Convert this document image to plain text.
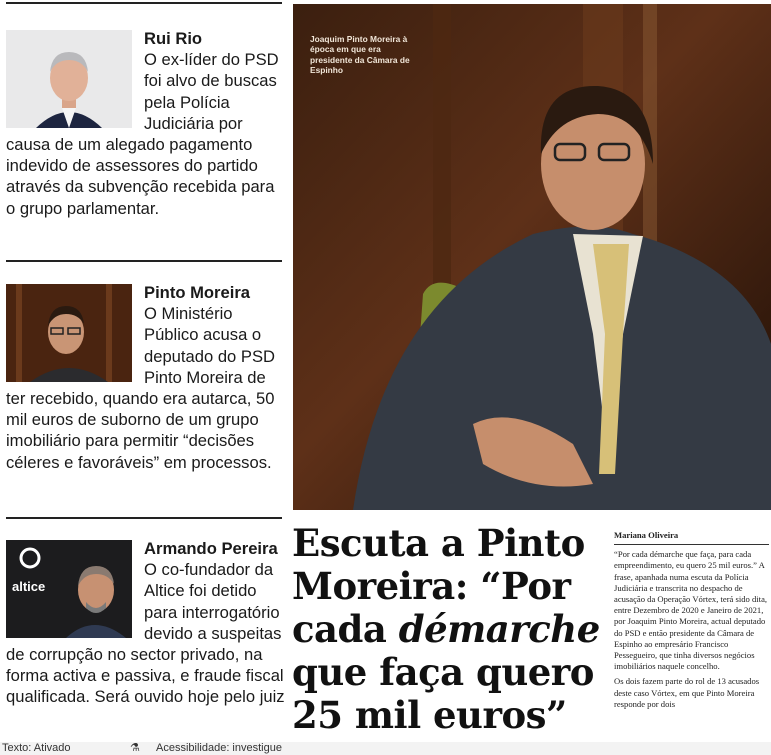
Rui Rio
O ex-líder do PSD foi alvo de buscas pela Polícia Judiciária por causa de um alegado pagamento indevido de assessores do partido através da subvenção recebida para o grupo parlamentar.
Pinto Moreira
O Ministério Público acusa o deputado do PSD Pinto Moreira de ter recebido, quando era autarca, 50 mil euros de suborno de um grupo imobiliário para permitir “decisões céleres e favoráveis” em processos.
altice
Armando Pereira
O co-fundador da Altice foi detido para interrogatório devido a suspeitas de corrupção no sector privado, na forma activa e passiva, e fraude fiscal qualificada. Será ouvido hoje pelo juiz
Joaquim Pinto Moreira à época em que era presidente da Câmara de Espinho
Escuta a Pinto Moreira: “Por cada démarche que faça quero 25 mil euros”
Mariana Oliveira

“Por cada démarche que faça, para cada empreendimento, eu quero 25 mil euros.” A frase, apanhada numa escuta da Polícia Judiciária e transcrita no despacho de acusação da Operação Vórtex, terá sido dita, entre Dezembro de 2020 e Janeiro de 2021, por Joaquim Pinto Moreira, actual deputado do PSD e então presidente da Câmara de Espinho ao empresário Francisco Pessegueiro, que tinha diversos negócios imobiliários naquele concelho.

Os dois fazem parte do rol de 13 acusados deste caso Vórtex, em que Pinto Moreira responde por dois

Texto: Ativado	⚗ Acessibilidade: investigue
